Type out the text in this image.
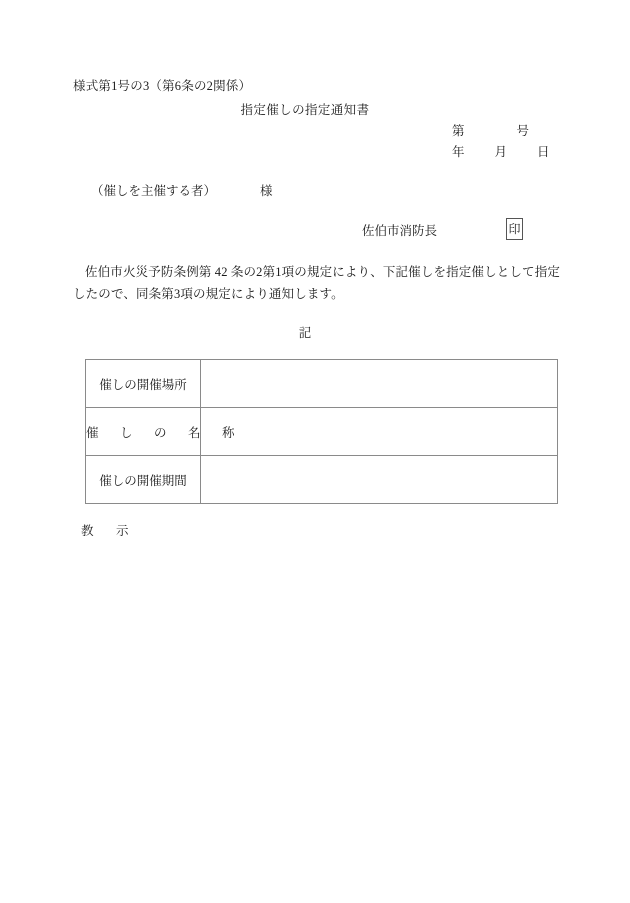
様式第1号の3（第6条の2関係）
指定催しの指定通知書
第	号
年 月 日
（催しを主催する者）	様
佐伯市消防長	印
佐伯市火災予防条例第 42 条の2第1項の規定により、下記催しを指定催しとして指定したので、同条第3項の規定により通知します。
記
催しの開催場所	
催　し　の　名　称	
催しの開催期間	
教　示
